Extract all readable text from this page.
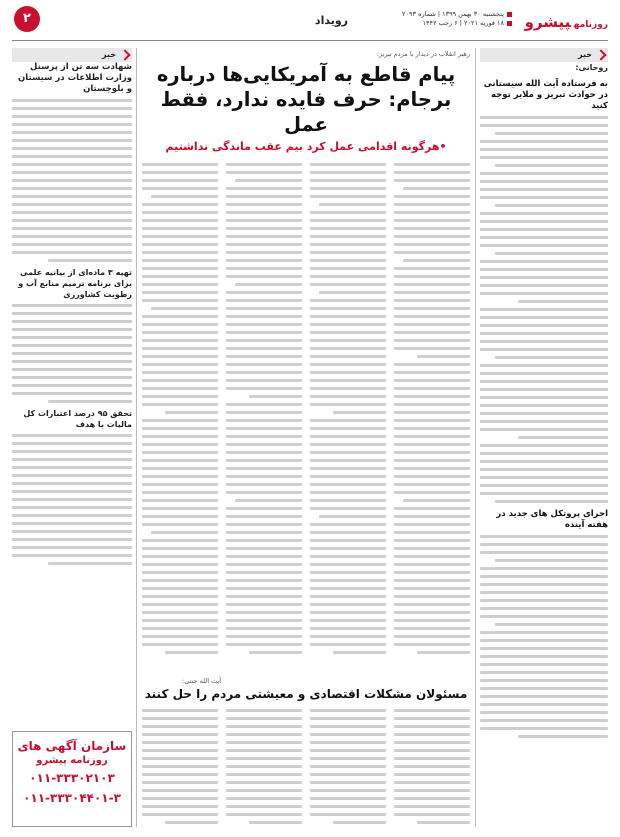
روزنامهپیشرو
پنجشنبه ۳۰ بهمن ۱۳۹۹ | شماره ۲۰۹۳
۱۸ فوریه ۲۰۲۱ | ۶ رجب ۱۴۴۲
رویداد
۲
خبر
روحانی:
به فرستاده آیت الله سیستانی در حوادث تبریز و ملایر توجه کنید
اجرای پروتکل های جدید در هفته آینده
رهبر انقلاب در دیدار با مردم تبریز:
پیام قاطع به آمریکایی‌ها درباره برجام: حرف فایده ندارد، فقط عمل
•هرگونه اقدامی عمل کرد بیم عقب ماندگی نداشتیم
آیت الله جنتی:
مسئولان مشکلات اقتصادی و معیشتی مردم را حل کنند
خبر
شهادت سه تن از پرسنل وزارت اطلاعات در سیستان و بلوچستان
تهیه ۳ ماده‌ای از بیانیه علمی برای برنامه ترمیم منابع آب و رطوبت کشاورزی
تحقق ۹۵ درصد اعتبارات کل مالیات با هدف
سازمان آگهی های
روزنامه پیشرو
۰۱۱-۳۳۳۰۲۱۰۳
۰۱۱-۳۳۳۰۴۴۰۱-۳
